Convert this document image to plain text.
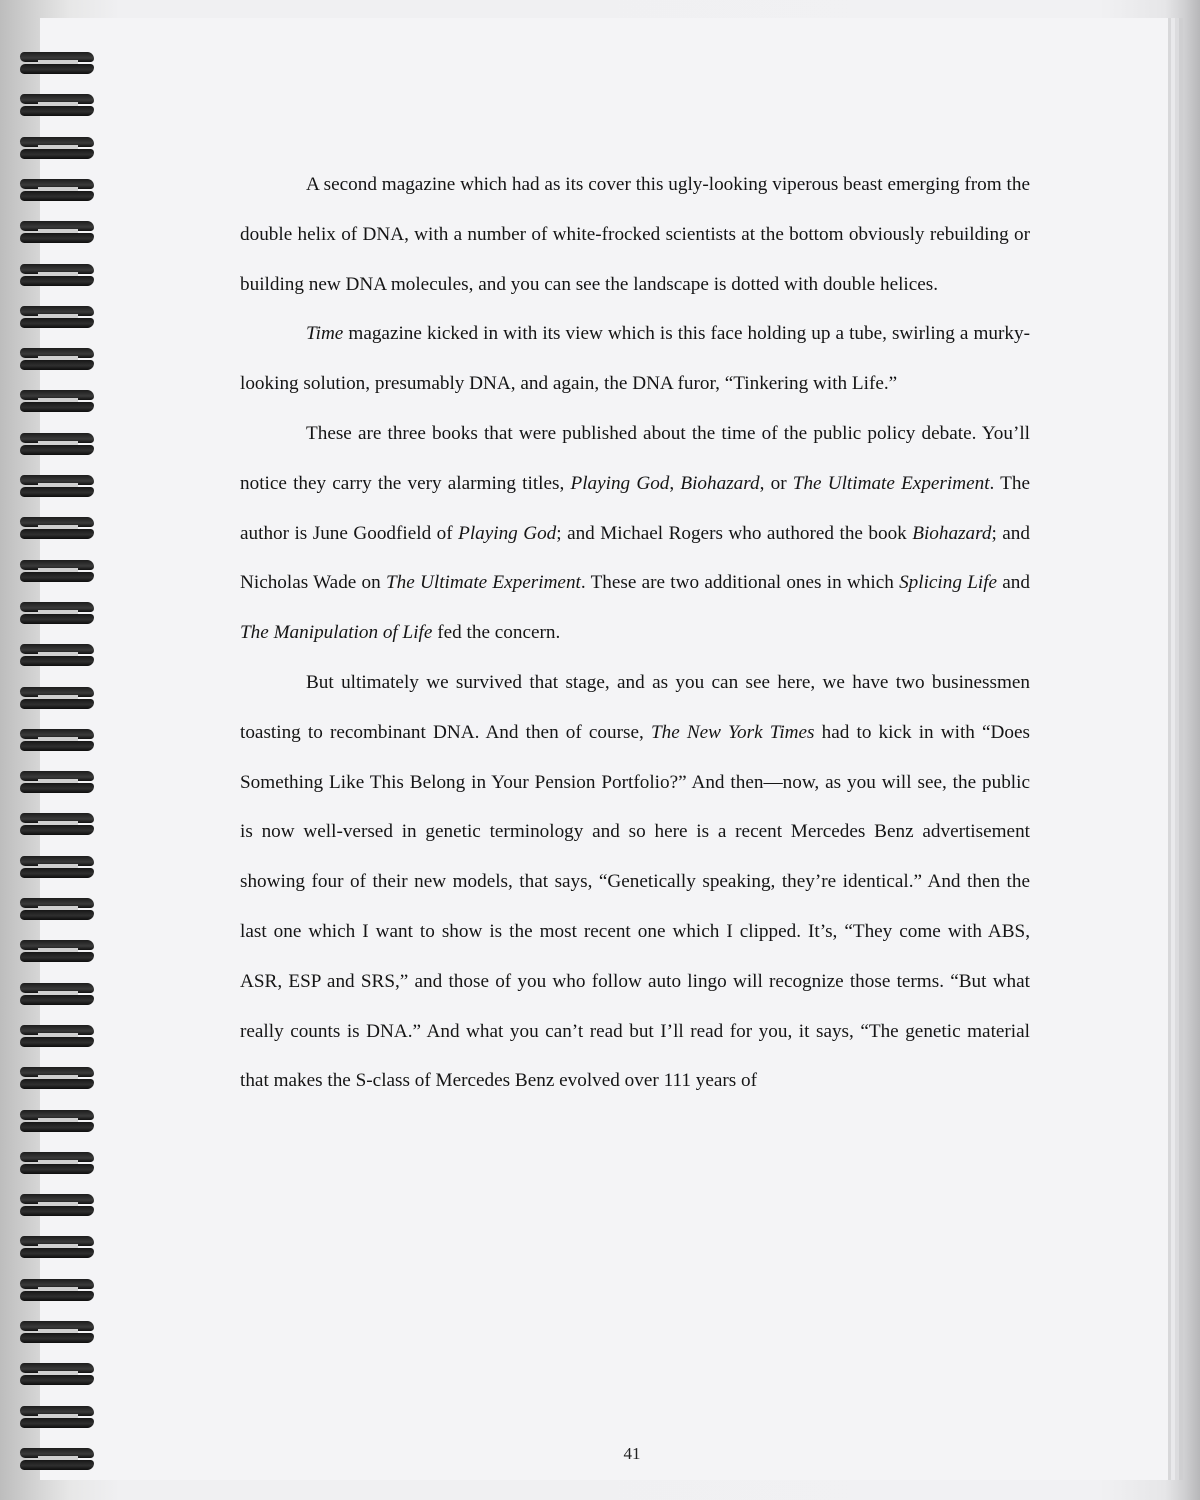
A second magazine which had as its cover this ugly-looking viperous beast emerging from the double helix of DNA, with a number of white-frocked scientists at the bottom obviously rebuilding or building new DNA molecules, and you can see the landscape is dotted with double helices.

Time magazine kicked in with its view which is this face holding up a tube, swirling a murky-looking solution, presumably DNA, and again, the DNA furor, “Tinkering with Life.”

These are three books that were published about the time of the public policy debate. You’ll notice they carry the very alarming titles, Playing God, Biohazard, or The Ultimate Experiment. The author is June Goodfield of Playing God; and Michael Rogers who authored the book Biohazard; and Nicholas Wade on The Ultimate Experiment. These are two additional ones in which Splicing Life and The Manipulation of Life fed the concern.

But ultimately we survived that stage, and as you can see here, we have two businessmen toasting to recombinant DNA. And then of course, The New York Times had to kick in with “Does Something Like This Belong in Your Pension Portfolio?” And then—now, as you will see, the public is now well-versed in genetic terminology and so here is a recent Mercedes Benz advertisement showing four of their new models, that says, “Genetically speaking, they’re identical.” And then the last one which I want to show is the most recent one which I clipped. It’s, “They come with ABS, ASR, ESP and SRS,” and those of you who follow auto lingo will recognize those terms. “But what really counts is DNA.” And what you can’t read but I’ll read for you, it says, “The genetic material that makes the S-class of Mercedes Benz evolved over 111 years of

41
